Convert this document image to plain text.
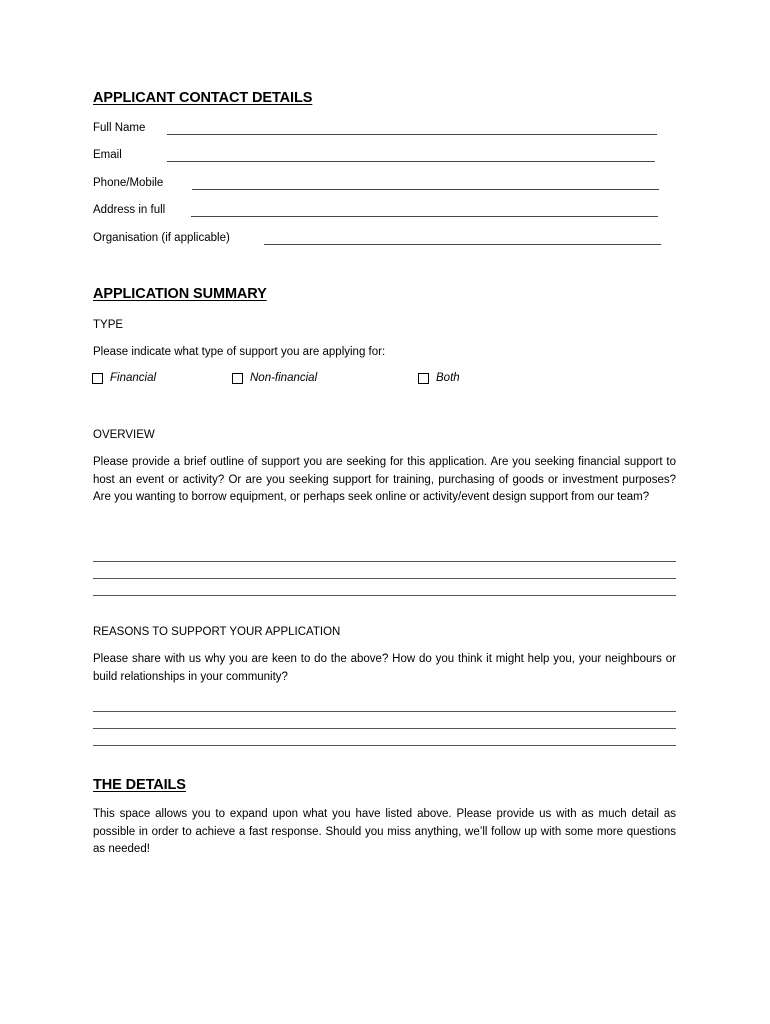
APPLICANT CONTACT DETAILS
Full Name
Email
Phone/Mobile
Address in full
Organisation (if applicable)
APPLICATION SUMMARY
TYPE
Please indicate what type of support you are applying for:
Financial	Non-financial	Both
OVERVIEW
Please provide a brief outline of support you are seeking for this application. Are you seeking financial support to host an event or activity? Or are you seeking support for training, purchasing of goods or investment purposes? Are you wanting to borrow equipment, or perhaps seek online or activity/event design support from our team?
REASONS TO SUPPORT YOUR APPLICATION
Please share with us why you are keen to do the above? How do you think it might help you, your neighbours or build relationships in your community?
THE DETAILS
This space allows you to expand upon what you have listed above. Please provide us with as much detail as possible in order to achieve a fast response. Should you miss anything, we’ll follow up with some more questions as needed!
